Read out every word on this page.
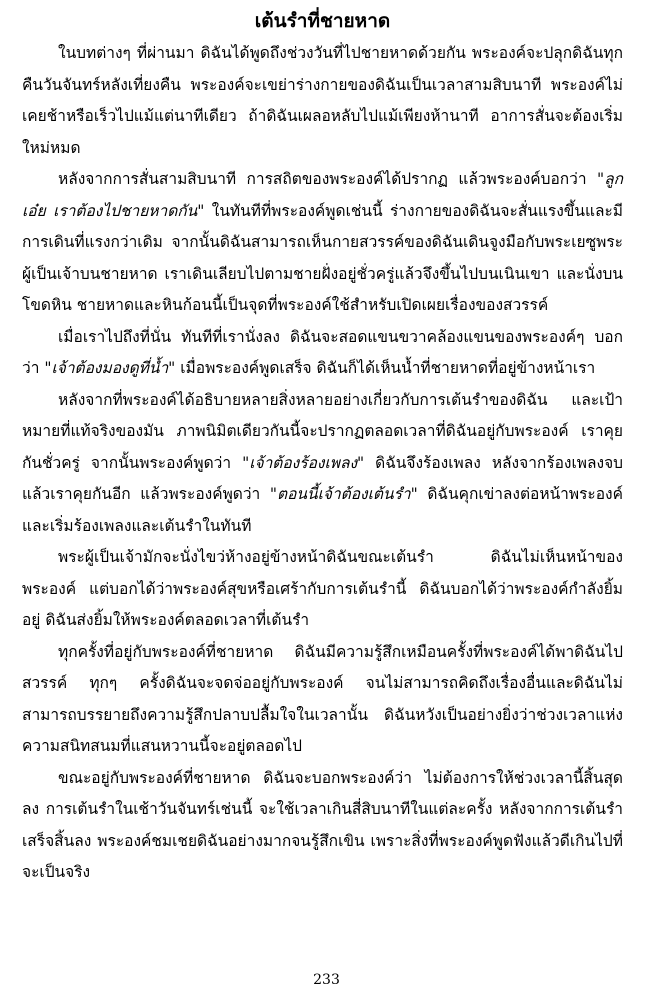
เต้นรำที่ชายหาด

ในบทต่างๆ ที่ผ่านมา ดิฉันได้พูดถึงช่วงวันที่ไปชายหาดด้วยกัน พระองค์จะปลุกดิฉันทุกคืนวันจันทร์หลังเที่ยงคืน พระองค์จะเขย่าร่างกายของดิฉันเป็นเวลาสามสิบนาที พระองค์ไม่เคยช้าหรือเร็วไปแม้แต่นาทีเดียว ถ้าดิฉันเผลอหลับไปแม้เพียงห้านาที อาการสั่นจะต้องเริ่มใหม่หมด

หลังจากการสั่นสามสิบนาที การสถิตของพระองค์ได้ปรากฏ แล้วพระองค์บอกว่า "ลูกเอ๋ย เราต้องไปชายหาดกัน" ในทันทีที่พระองค์พูดเช่นนี้ ร่างกายของดิฉันจะสั่นแรงขึ้นและมีการเดินที่แรงกว่าเดิม จากนั้นดิฉันสามารถเห็นกายสวรรค์ของดิฉันเดินจูงมือกับพระเยซูพระผู้เป็นเจ้าบนชายหาด เราเดินเลียบไปตามชายฝั่งอยู่ชั่วครู่แล้วจึงขึ้นไปบนเนินเขา และนั่งบนโขดหิน ชายหาดและหินก้อนนี้เป็นจุดที่พระองค์ใช้สำหรับเปิดเผยเรื่องของสวรรค์

เมื่อเราไปถึงที่นั่น ทันทีที่เรานั่งลง ดิฉันจะสอดแขนขวาคล้องแขนของพระองค์ๆ บอกว่า "เจ้าต้องมองดูที่น้ำ" เมื่อพระองค์พูดเสร็จ ดิฉันก็ได้เห็นน้ำที่ชายหาดที่อยู่ข้างหน้าเรา

หลังจากที่พระองค์ได้อธิบายหลายสิ่งหลายอย่างเกี่ยวกับการเต้นรำของดิฉัน และเป้าหมายที่แท้จริงของมัน ภาพนิมิตเดียวกันนี้จะปรากฏตลอดเวลาที่ดิฉันอยู่กับพระองค์ เราคุยกันชั่วครู่ จากนั้นพระองค์พูดว่า "เจ้าต้องร้องเพลง" ดิฉันจึงร้องเพลง หลังจากร้องเพลงจบแล้วเราคุยกันอีก แล้วพระองค์พูดว่า "ตอนนี้เจ้าต้องเต้นรำ" ดิฉันคุกเข่าลงต่อหน้าพระองค์ และเริ่มร้องเพลงและเต้นรำในทันที

พระผู้เป็นเจ้ามักจะนั่งไขว่ห้างอยู่ข้างหน้าดิฉันขณะเต้นรำ ดิฉันไม่เห็นหน้าของพระองค์ แต่บอกได้ว่าพระองค์สุขหรือเศร้ากับการเต้นรำนี้ ดิฉันบอกได้ว่าพระองค์กำลังยิ้มอยู่ ดิฉันส่งยิ้มให้พระองค์ตลอดเวลาที่เต้นรำ

ทุกครั้งที่อยู่กับพระองค์ที่ชายหาด ดิฉันมีความรู้สึกเหมือนครั้งที่พระองค์ได้พาดิฉันไปสวรรค์ ทุกๆ ครั้งดิฉันจะจดจ่ออยู่กับพระองค์ จนไม่สามารถคิดถึงเรื่องอื่นและดิฉันไม่สามารถบรรยายถึงความรู้สึกปลาบปลื้มใจในเวลานั้น ดิฉันหวังเป็นอย่างยิ่งว่าช่วงเวลาแห่งความสนิทสนมที่แสนหวานนี้จะอยู่ตลอดไป

ขณะอยู่กับพระองค์ที่ชายหาด ดิฉันจะบอกพระองค์ว่า ไม่ต้องการให้ช่วงเวลานี้สิ้นสุดลง การเต้นรำในเช้าวันจันทร์เช่นนี้ จะใช้เวลาเกินสี่สิบนาทีในแต่ละครั้ง หลังจากการเต้นรำเสร็จสิ้นลง พระองค์ชมเชยดิฉันอย่างมากจนรู้สึกเขิน เพราะสิ่งที่พระองค์พูดฟังแล้วดีเกินไปที่จะเป็นจริง

233
